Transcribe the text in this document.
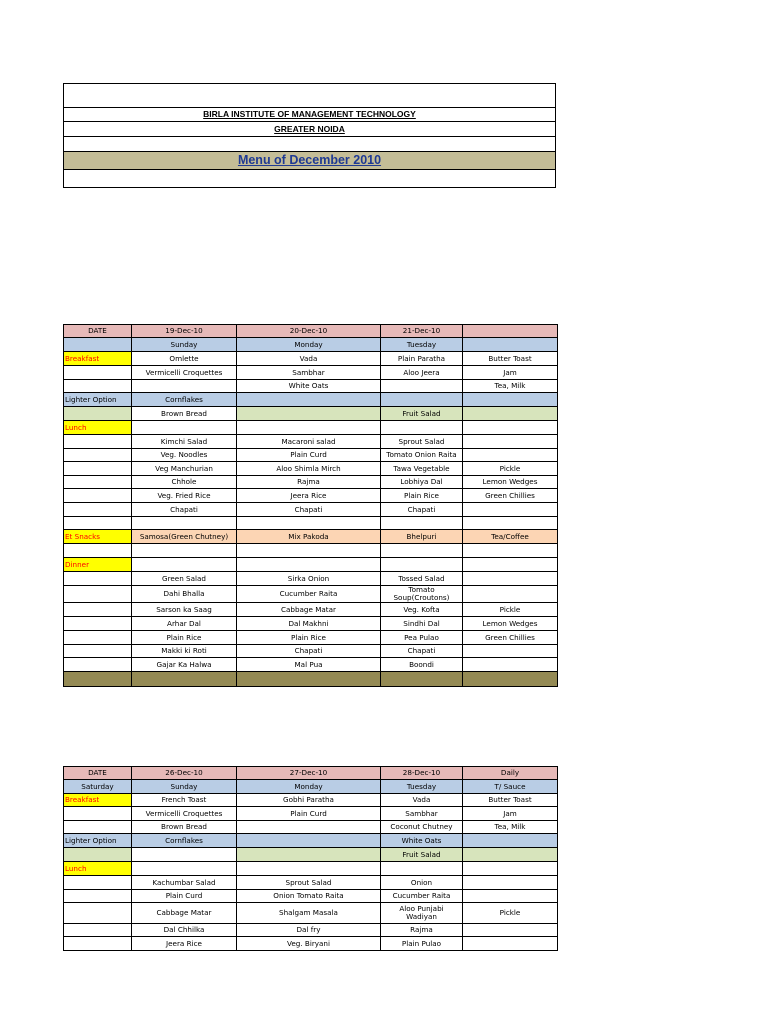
BIRLA INSTITUTE OF MANAGEMENT TECHNOLOGY
GREATER NOIDA
Menu of December 2010
DATE	19-Dec-10	20-Dec-10	21-Dec-10	
	Sunday	Monday	Tuesday	
Breakfast	Omlette	Vada	Plain Paratha	Butter Toast
	Vermicelli Croquettes	Sambhar	Aloo Jeera	Jam
		White Oats		Tea, Milk
Lighter Option	Cornflakes			
	Brown Bread		Fruit Salad	
Lunch				
	Kimchi Salad	Macaroni salad	Sprout Salad	
	Veg. Noodles	Plain Curd	Tomato Onion Raita	
	Veg Manchurian	Aloo Shimla Mirch	Tawa Vegetable	Pickle
	Chhole	Rajma	Lobhiya Dal	Lemon Wedges
	Veg. Fried Rice	Jeera Rice	Plain Rice	Green Chillies
	Chapati	Chapati	Chapati	

Et Snacks	Samosa(Green Chutney)	Mix Pakoda	Bhelpuri	Tea/Coffee

Dinner				
	Green Salad	Sirka Onion	Tossed Salad	
	Dahi Bhalla	Cucumber Raita	Tomato Soup(Croutons)	
	Sarson ka Saag	Cabbage Matar	Veg. Kofta	Pickle
	Arhar Dal	Dal Makhni	Sindhi Dal	Lemon Wedges
	Plain Rice	Plain Rice	Pea Pulao	Green Chillies
	Makki ki Roti	Chapati	Chapati	
	Gajar Ka Halwa	Mal Pua	Boondi	

DATE	26-Dec-10	27-Dec-10	28-Dec-10	Daily
Saturday	Sunday	Monday	Tuesday	T/ Sauce
Breakfast	French Toast	Gobhi Paratha	Vada	Butter Toast
	Vermicelli Croquettes	Plain Curd	Sambhar	Jam
	Brown Bread		Coconut Chutney	Tea, Milk
Lighter Option	Cornflakes		White Oats	
			Fruit Salad	
Lunch				
	Kachumbar Salad	Sprout Salad	Onion	
	Plain Curd	Onion Tomato Raita	Cucumber Raita	
	Cabbage Matar	Shalgam Masala	Aloo Punjabi Wadiyan	Pickle
	Dal Chhilka	Dal fry	Rajma	
	Jeera Rice	Veg. Biryani	Plain Pulao	
